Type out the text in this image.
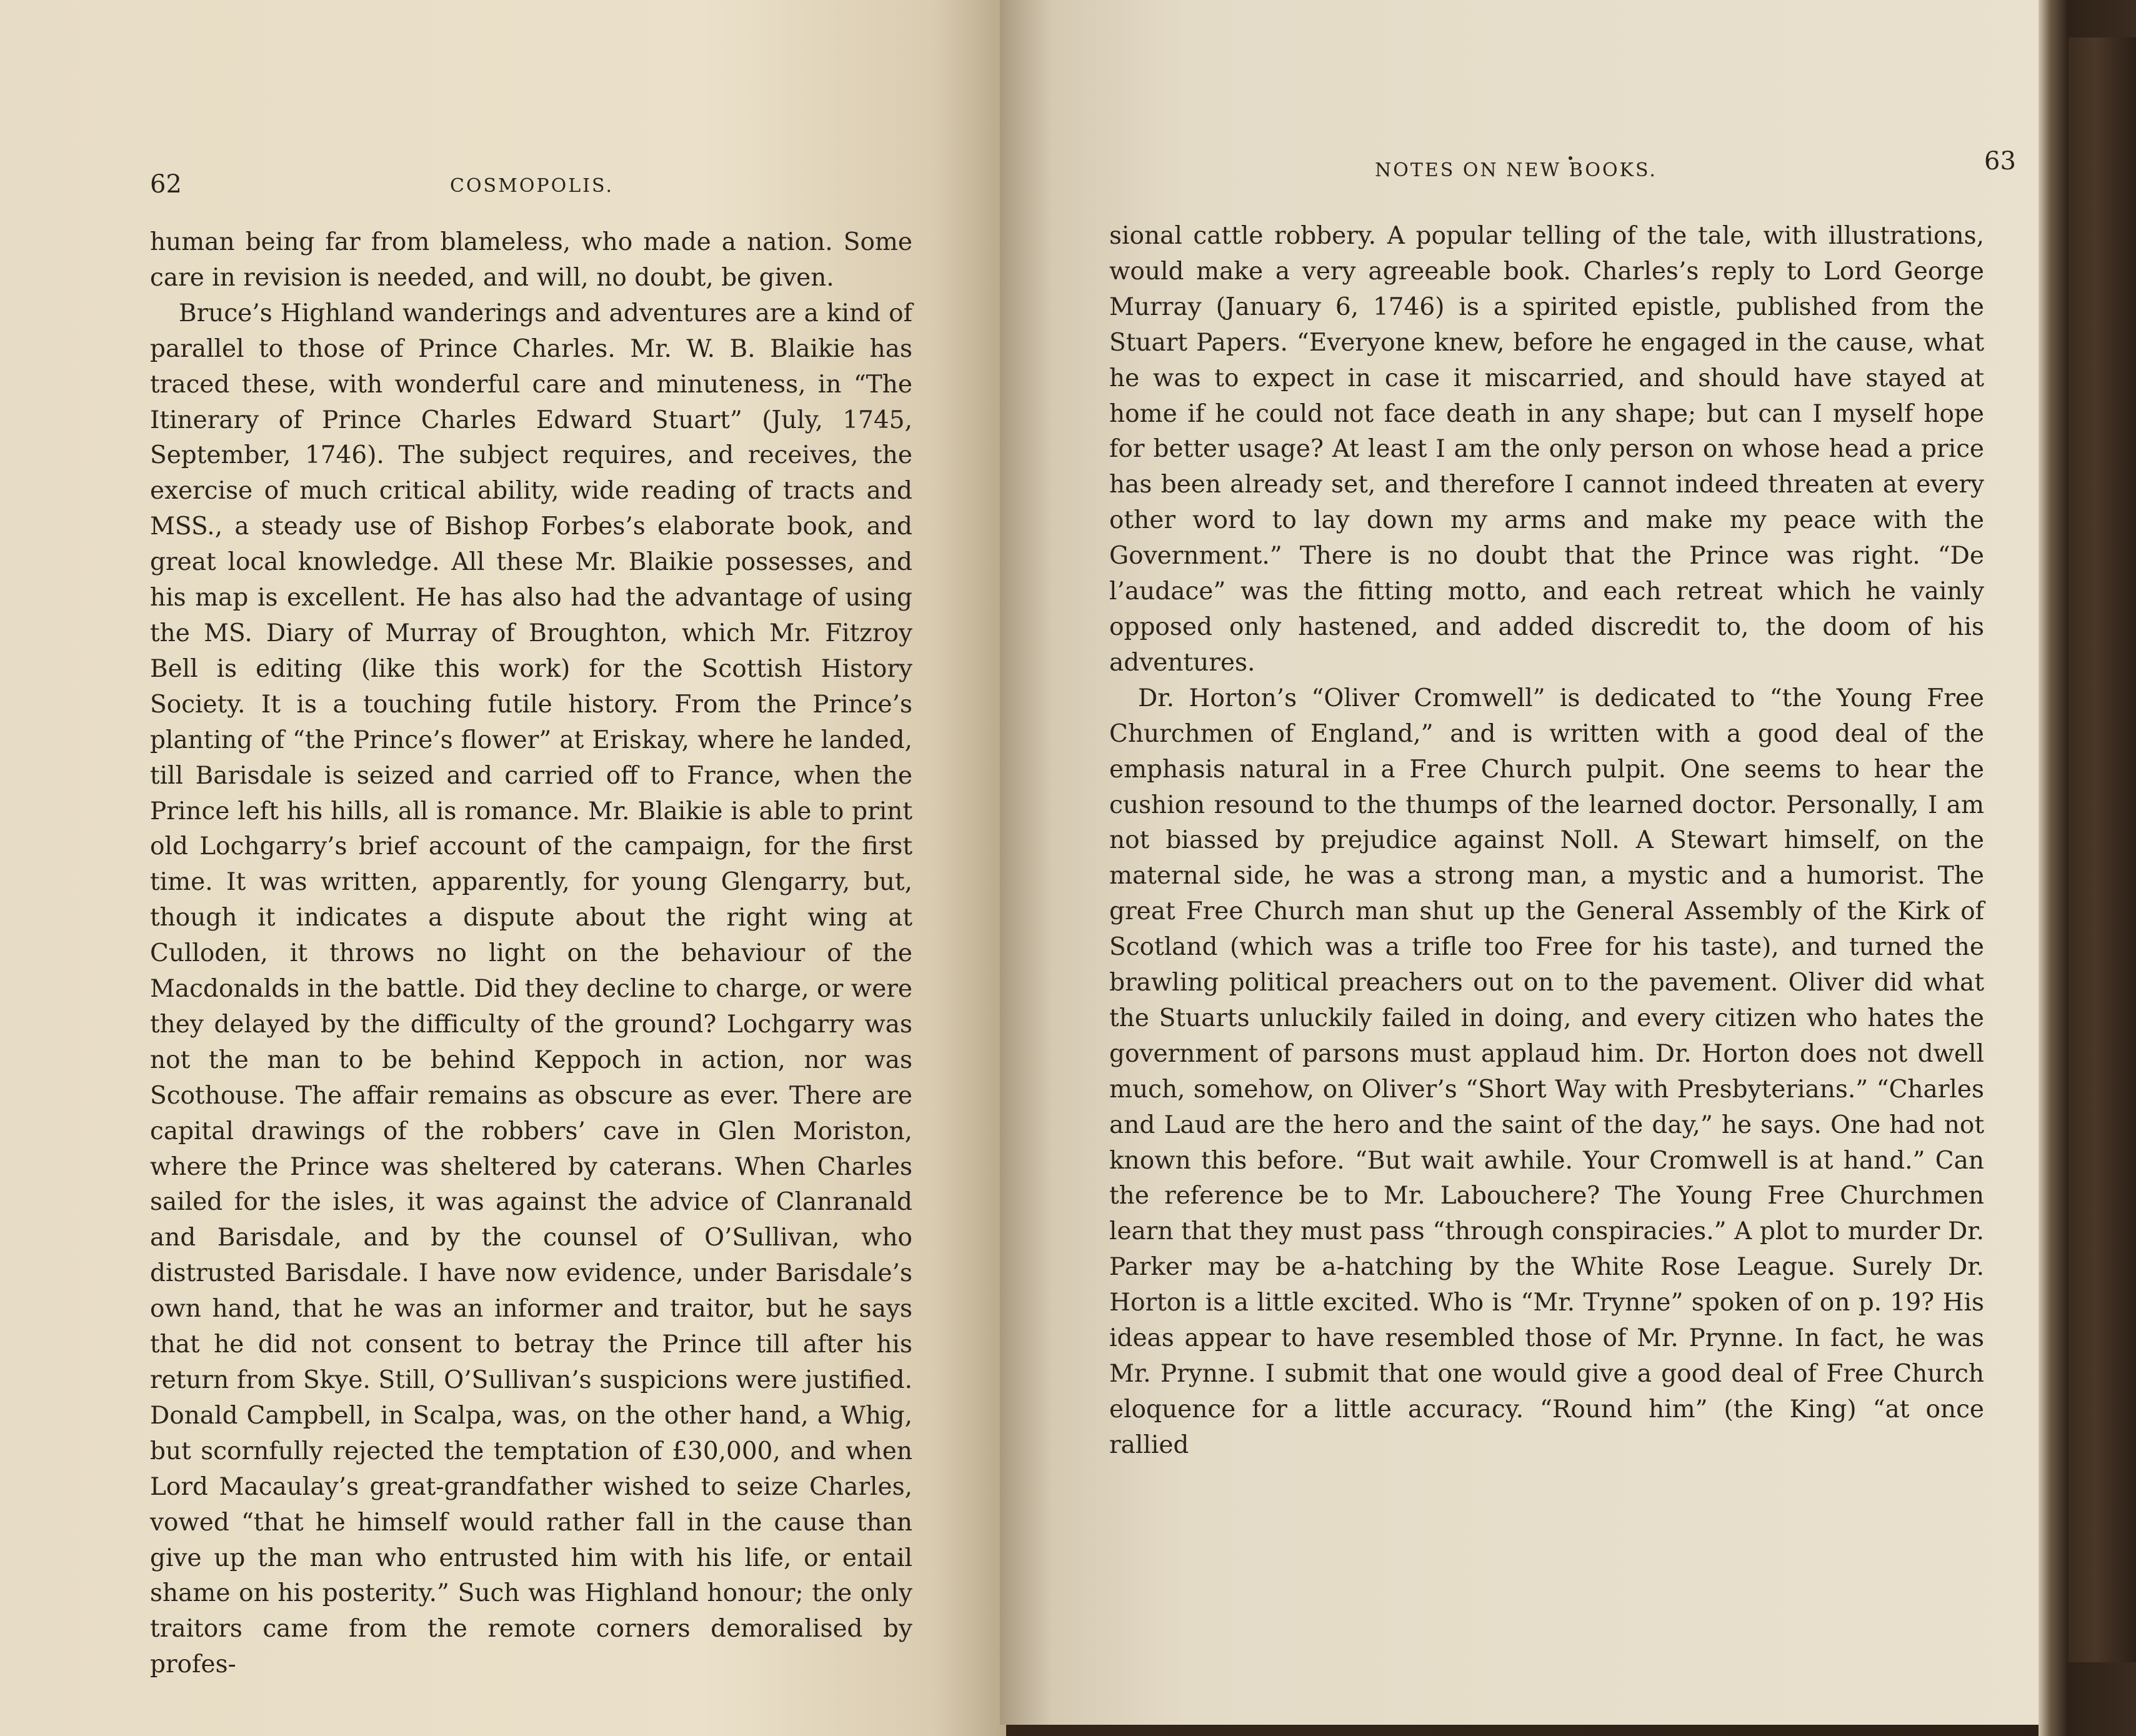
62	COSMOPOLIS.

human being far from blameless, who made a nation. Some care in revision is needed, and will, no doubt, be given.

Bruce’s Highland wanderings and adventures are a kind of parallel to those of Prince Charles. Mr. W. B. Blaikie has traced these, with wonderful care and minuteness, in “The Itinerary of Prince Charles Edward Stuart” (July, 1745, September, 1746). The subject requires, and receives, the exercise of much critical ability, wide reading of tracts and MSS., a steady use of Bishop Forbes’s elaborate book, and great local knowledge. All these Mr. Blaikie possesses, and his map is excellent. He has also had the advantage of using the MS. Diary of Murray of Broughton, which Mr. Fitzroy Bell is editing (like this work) for the Scottish History Society. It is a touching futile history. From the Prince’s planting of “the Prince’s flower” at Eriskay, where he landed, till Barisdale is seized and carried off to France, when the Prince left his hills, all is romance. Mr. Blaikie is able to print old Lochgarry’s brief account of the campaign, for the first time. It was written, apparently, for young Glengarry, but, though it indicates a dispute about the right wing at Culloden, it throws no light on the behaviour of the Macdonalds in the battle. Did they decline to charge, or were they delayed by the difficulty of the ground? Lochgarry was not the man to be behind Keppoch in action, nor was Scothouse. The affair remains as obscure as ever. There are capital drawings of the robbers’ cave in Glen Moriston, where the Prince was sheltered by caterans. When Charles sailed for the isles, it was against the advice of Clanranald and Barisdale, and by the counsel of O’Sullivan, who distrusted Barisdale. I have now evidence, under Barisdale’s own hand, that he was an informer and traitor, but he says that he did not consent to betray the Prince till after his return from Skye. Still, O’Sullivan’s suspicions were justified. Donald Campbell, in Scalpa, was, on the other hand, a Whig, but scornfully rejected the temptation of £30,000, and when Lord Macaulay’s great-grandfather wished to seize Charles, vowed “that he himself would rather fall in the cause than give up the man who entrusted him with his life, or entail shame on his posterity.” Such was Highland honour; the only traitors came from the remote corners demoralised by profes-

NOTES ON NEW BOOKS.	63

sional cattle robbery. A popular telling of the tale, with illustrations, would make a very agreeable book. Charles’s reply to Lord George Murray (January 6, 1746) is a spirited epistle, published from the Stuart Papers. “Everyone knew, before he engaged in the cause, what he was to expect in case it miscarried, and should have stayed at home if he could not face death in any shape; but can I myself hope for better usage? At least I am the only person on whose head a price has been already set, and therefore I cannot indeed threaten at every other word to lay down my arms and make my peace with the Government.” There is no doubt that the Prince was right. “De l’audace” was the fitting motto, and each retreat which he vainly opposed only hastened, and added discredit to, the doom of his adventures.

Dr. Horton’s “Oliver Cromwell” is dedicated to “the Young Free Churchmen of England,” and is written with a good deal of the emphasis natural in a Free Church pulpit. One seems to hear the cushion resound to the thumps of the learned doctor. Personally, I am not biassed by prejudice against Noll. A Stewart himself, on the maternal side, he was a strong man, a mystic and a humorist. The great Free Church man shut up the General Assembly of the Kirk of Scotland (which was a trifle too Free for his taste), and turned the brawling political preachers out on to the pavement. Oliver did what the Stuarts unluckily failed in doing, and every citizen who hates the government of parsons must applaud him. Dr. Horton does not dwell much, somehow, on Oliver’s “Short Way with Presbyterians.” “Charles and Laud are the hero and the saint of the day,” he says. One had not known this before. “But wait awhile. Your Cromwell is at hand.” Can the reference be to Mr. Labouchere? The Young Free Churchmen learn that they must pass “through conspiracies.” A plot to murder Dr. Parker may be a-hatching by the White Rose League. Surely Dr. Horton is a little excited. Who is “Mr. Trynne” spoken of on p. 19? His ideas appear to have resembled those of Mr. Prynne. In fact, he was Mr. Prynne. I submit that one would give a good deal of Free Church eloquence for a little accuracy. “Round him” (the King) “at once rallied
